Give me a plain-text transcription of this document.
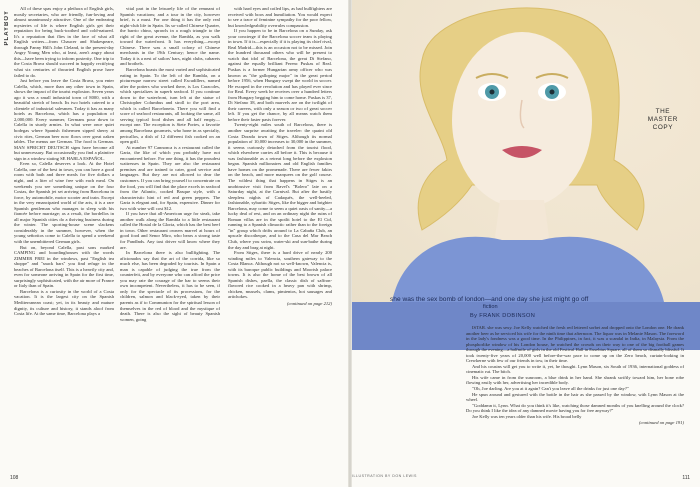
PLAYBOY

All of these spas enjoy a plethora of English girls, mostly secretaries, who are friendly, fun-loving and almost unanimously attractive. One of the endearing mysteries of life is where English girls get their reputation for being buck-toothed and cold-natured. It's a reputation that flies in the face of what all English writers—from Chaucer and Shakespeare, through Fanny Hill's John Cleland, to the present-day Angry Young Men who, at least, aren't angry about this—have been trying to inform posterity. One trip to the Costa Brava should succeed in happily rectifying what six centuries of thwarted English prose have failed to do.

Just before you leave the Costa Brava, you enter Calella, which, more than any other town in Spain, shows the impact of the tourist explosion. Seven years ago it was a small industrial town of 8000, with a beautiful stretch of beach. Its two hotels catered to a clientele of industrial salesmen. Today it has as many hotels as Barcelona, which has a population of 2,000,000. Every summer, Germans pour down to Calella in sturdy armies. In what were once quiet bodegas where Spanish fishermen sipped sherry at civic rites, German beer now flows over great oaken tables. The menus are German. The food is German. MAN SPRICHT DEUTSCH signs have become all but unnecessary. But occasionally you find a plaintive sign in a window stating SE HABLA ESPAÑOL.

Even so, Calella deserves a look. At the Hotel Calella, one of the best in town, you can have a good room with bath and three meals for five dollars a night, and a liter of wine free with each meal. On weekends you see something unique on the four Costas, the Spanish jet set arriving from Barcelona in force, by automobile, motor scooter and train. Except in the very emancipated world of the arts, it is a rare Spanish gentleman who manages to sleep with his fiancée before marriage; as a result, the bordellos in all major Spanish cities do a thriving business during the winter. The sporting-house scene slackens considerably in the summer, however, when the young señoritos come to Calella to spend a weekend with the unembittered German girls.

But on, beyond Calella, past sons marked CAMPING and boardinghouses with the words ZIMMER FREI in the windows, past "English tea shoppe" and "snack bars" you find refuge in the beaches of Barcelona itself. This is a heavily city and, even for someone arriving in Spain for the first time, surprisingly sophisticated, with the air more of France or Italy than of Spain.

Barcelona is a curiosity in the world of a Costa vacation. It is the largest city on the Spanish Mediterranean coast; yet, in its beauty and mature dignity, its culture and history, it stands aloof from Costa life. At the same time, Barcelona plays a

vital part in the leisurely life of the remnant of Spanish vacations; and a tour in the city, however brief, is a must. For one thing it has the only real night-club life in Spain. Its so-called Chinese Quarter, the barrio chino, sprawls in a rough triangle to the right of the great avenue, the Rambla, as you walk toward the waterfront. It has everything—except Chinese. There was a small colony of Chinese merchants in the 19th Century; hence the name. Today it is a nest of sailors' bars, night clubs, cabarets and brothels.

Barcelona boasts the most varied and sophisticated eating in Spain. To the left of the Rambla, on a picturesque narrow street called Escudillers, named after the potters who worked there, is Los Caracoles, which specializes in superb seafood. If you continue down to the waterfront, turn left at the statue of Christopher Columbus and stroll to the port area, which is called Barceloneta. There you will find a score of seafood restaurants, all looking the same, all serving typical food dishes and all half empty—except one. The exception is Siete Portes, a favorite among Barcelona gourmets, who hone in as specialty, pericallos, a dish of 12 different fish cooked on an open grill.

At number 97 Cannonca is a restaurant called the Garia, the like of which you probably have not encountered before. For one thing, it has the proudest waitresses in Spain. They are also the restaurant premises and are trained to cater, good service and languages. But they are not allowed to dear the customers. If you can bring yourself to concentrate on the food, you will find that the place excels in seafood from the Atlantic, cooked Basque style, with a characteristic hint of red and green peppers. The Garia is elegant and, for Spain, expensive. Dinner for two with wine will cost $12.

If you have that all-American urge for steak, take another walk along the Rambla to a little restaurant called the Hostal de la Gloria, which has the best beef in town. Other restaurant owners marvel at hours of good food and Senor Miro, who bears a strong taste for Pandlnds. Any taxi driver will know where they are.

In Barcelona there is also bullfighting. The aficionados say that the art of the corrida, like so much else, has been degraded by tourists. In Spain a man is capable of judging the true from the counterfeit, and by everyone who can afford the price you may rate the courage of the bar to seems their own incompetent. Nevertheless, it has to be seen, if only for the spectacle of its processions, for the children, salmon and black-eyed, taken by their parents as if to Communion for the spiritual lesson of themselves in the red of blood and the mystique of death. There is also the sight of beauty Spanish women, going

with hard eyes and coiled lips, as bad bullfighters are received with boos and humiliation. You would expect to see a trace of feminine sympathy for the poor fellow, but knowledgeability overrules compassion.

If you happen to be in Barcelona on a Sunday, ask your concierge if the Barcelona soccer team is playing in town. If it is—especially if it is playing its chief rival, Real Madrid—this is an occasion not to be missed. Join the hundred thousand others who will be present to watch that idol of Barcelona, the great Di Stefano, against the equally brilliant Ferenc Puskas of Real. Puskas is a former Hungarian army officer who was known as "the galloping major" in the great period before 1956, when Hungary swept the world in soccer. He escaped in the revolution and has played ever since for Real. Every week he receives over a hundred letters from Hungary begging him to come home. Puskas is 37, Di Stefano 38, and both marvels are on the twilight of their careers, with only a season or two of great soccer left. If you get the chance, by all means watch them before their faster pasts forever.

Twenty-eight miles south of Barcelona, there is another surprise awaiting the traveler: the quaint old Costa Dorada town of Sitges. Although its normal population of 10,000 increases to 30,000 in the summer, it seems curiously detached from the tourist flood, which elsewhere carries all before it. This is because it was fashionable as a retreat long before the explosion began. Spanish millionaires and old English families have homes on the promenade. There are fewer fakirs on the beach, and more marquees on the golf course. The wildest thing that happens in Sitges is an unobtrusive visit from Ravel's "Bolero" late on a Saturday night, at the Carnival. But after the hastily sleepless nights of Cadaqués, the well-heeled, fashionable, sybaritic Sitges, like the bigger and brighter Barcelona, may come to seem a quiet oasis of sanity—a lucky deal of rest, and on an ordinary night the ruins of Roman villas are in the spotlit hotel to the El Cid, running to a Spanish climactic rather than to the foreign "in" group which drifts around to La Cabaña Club, an upscale discotheque, and to the Casa del Mar Beach Club, where you swim, water-ski and sun-bathe during the day and brag at night.

From Sitges, there is a hard drive of nearly 200 winding miles to Valencia, southern gateway to the Costa Blanca. Although not so well-known, Valencia is, with its baroque public buildings and Moorish palace towns. It is also the home of the best brown of all Spanish dishes, paella, the classic dish of saffron-flavored rice cooked in a heavy pan with shrimp, chicken, mussels, clams, pimientos, hot sausages and artichokes.

(continued on page 212)
THE
MASTER
COPY
she was the sex bomb of london—and one day she just might go off
fiction
By FRANK DOBINSON

ISTAR. she was sexy. Joe Kelly watched the fresh red lettered sorbet and dropped onto the London one. He drank another beer as he serviced his wife for the ninth time that afternoon. The liquor was in Melanie Mason. The foreword in the lady's fondness was a good time. In the Philippines, in fact, it was a scandal in India, in Malaysia. From the phosphorlike window of his London house, he watched the crowds on their way to one of the big football games through the evening—a halfmile of girls in the old Festival Hall in Eusebius Square, all of them so dismally blissful. It took twenty-five years of 20,000 well before-the-war pace to come up on the Zero beach, curtain-looking in Crewkerne with few of our friends in tow, in their time.

And his cousins will get you to write it, yet, he thought. Lynn Mason, six South of 1936, international goddess of cinematic rut. The bitch.

His wife came in from the sunroom, a blue drink in her hand. She shrank swiftly toward him, her bone robe flowing easily with her, advertising her incredible body.

"Oh, Joe darling. Are you at it again? Can't you leave all the drinks for just one day?"

He spun around and gestured with the bottle in the hair as she passed by the window, with Lynn Mason at the wheel.

"Goddamn it, Lynn. What do you think it's like, watching those damned months of you knelling around the clock? Do you think I like the idea of any damned movie having you for free anyway?"

Joe Kelly was ten years older than his wife. His broad belly

(continued on page 191)
ILLUSTRATION BY DON LEWIS
108	111
